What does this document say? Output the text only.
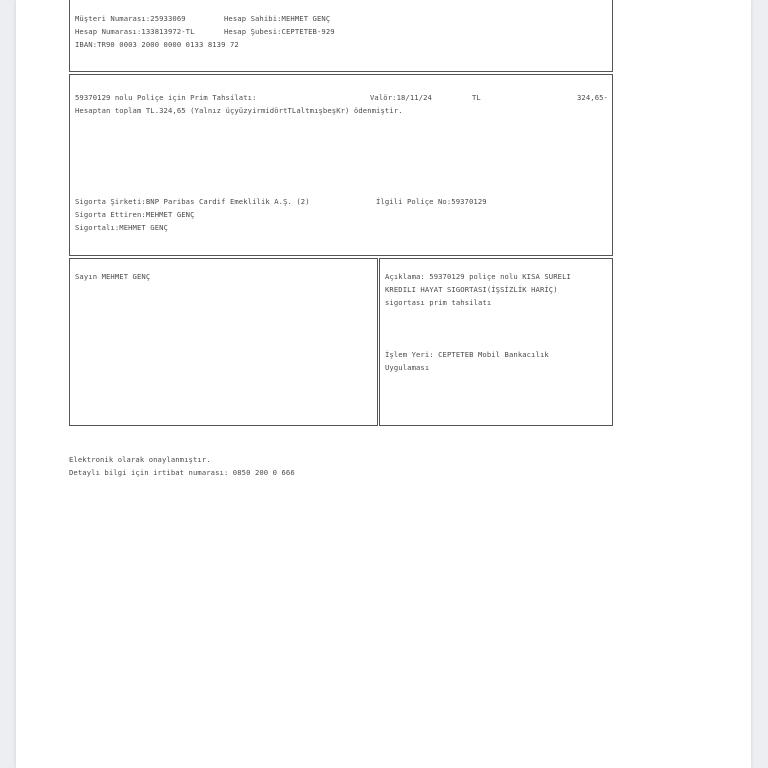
Müşteri Numarası:25933069	Hesap Sahibi:MEHMET GENÇ
Hesap Numarası:133813972-TL	Hesap Şubesi:CEPTETEB-929
IBAN:TR90 0003 2000 0000 0133 8139 72
59370129 nolu Poliçe için Prim Tahsilatı:	Valör:18/11/24	TL	324,65-
Hesaptan toplam TL.324,65 (Yalnız üçyüzyirmidörtTLaltmışbeşKr) ödenmiştir.
Sigorta Şirketi:BNP Paribas Cardif Emeklilik A.Ş. (2)	İlgili Poliçe No:59370129
Sigorta Ettiren:MEHMET GENÇ
Sigortalı:MEHMET GENÇ
Sayın MEHMET GENÇ	Açıklama: 59370129 poliçe nolu KISA SURELI
KREDILI HAYAT SIGORTASI(İŞSİZLİK HARİÇ)
sigortası prim tahsilatı
İşlem Yeri: CEPTETEB Mobil Bankacılık
Uygulaması
Elektronik olarak onaylanmıştır.
Detaylı bilgi için irtibat numarası: 0850 200 0 666
